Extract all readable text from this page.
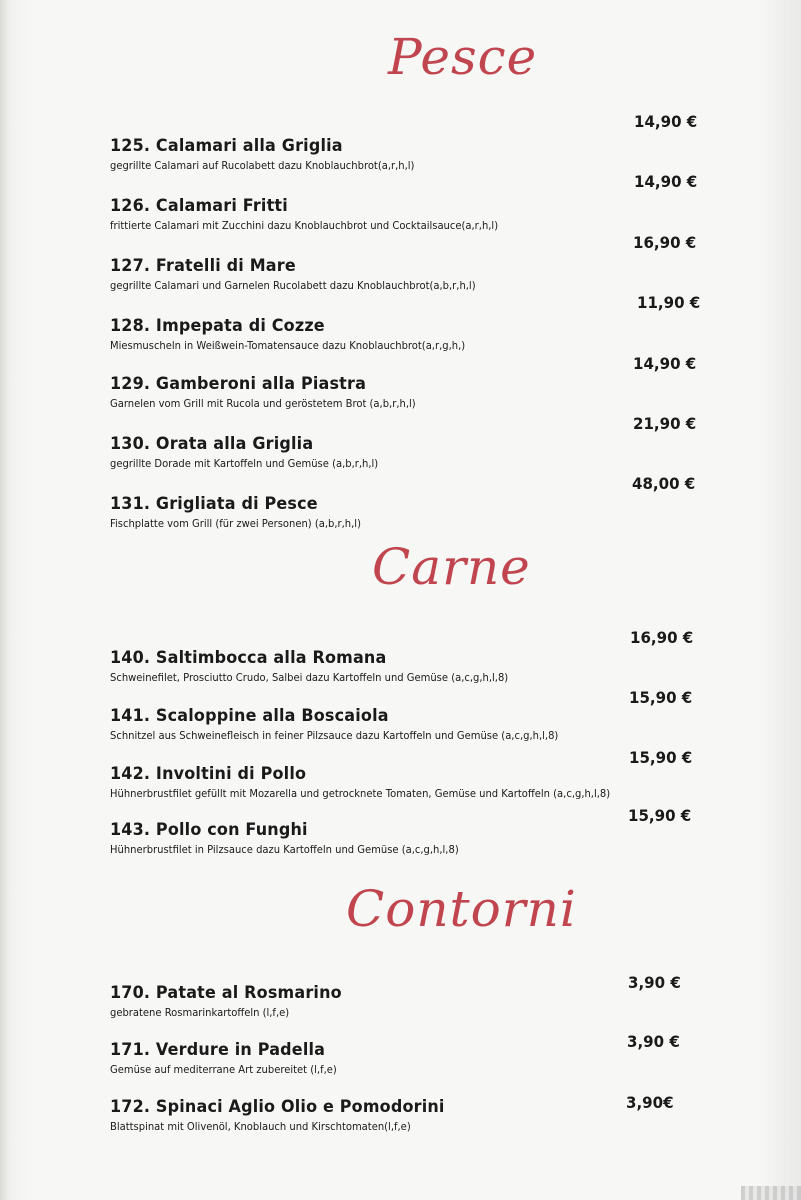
Pesce
14,90 €
125. Calamari alla Griglia
gegrillte Calamari auf Rucolabett dazu Knoblauchbrot(a,r,h,l)
14,90 €
126. Calamari Fritti
frittierte Calamari mit Zucchini dazu Knoblauchbrot und Cocktailsauce(a,r,h,l)
16,90 €
127. Fratelli di Mare
gegrillte Calamari und Garnelen Rucolabett dazu Knoblauchbrot(a,b,r,h,l)
11,90 €
128. Impepata di Cozze
Miesmuscheln in Weißwein-Tomatensauce dazu Knoblauchbrot(a,r,g,h,)
14,90 €
129. Gamberoni alla Piastra
Garnelen vom Grill mit Rucola und geröstetem Brot (a,b,r,h,l)
21,90 €
130. Orata alla Griglia
gegrillte Dorade mit Kartoffeln und Gemüse (a,b,r,h,l)
48,00 €
131. Grigliata di Pesce
Fischplatte vom Grill (für zwei Personen) (a,b,r,h,l)
Carne
16,90 €
140. Saltimbocca alla Romana
Schweinefilet, Prosciutto Crudo, Salbei dazu Kartoffeln und Gemüse (a,c,g,h,l,8)
15,90 €
141. Scaloppine alla Boscaiola
Schnitzel aus Schweinefleisch in feiner Pilzsauce dazu Kartoffeln und Gemüse (a,c,g,h,l,8)
15,90 €
142. Involtini di Pollo
Hühnerbrustfilet gefüllt mit Mozarella und getrocknete Tomaten, Gemüse und Kartoffeln (a,c,g,h,l,8)
15,90 €
143. Pollo con Funghi
Hühnerbrustfilet in Pilzsauce dazu Kartoffeln und Gemüse (a,c,g,h,l,8)
Contorni
3,90 €
170. Patate al Rosmarino
gebratene Rosmarinkartoffeln (l,f,e)
3,90 €
171. Verdure in Padella
Gemüse auf mediterrane Art zubereitet (l,f,e)
3,90€
172. Spinaci Aglio Olio e Pomodorini
Blattspinat mit Olivenöl, Knoblauch und Kirschtomaten(l,f,e)
